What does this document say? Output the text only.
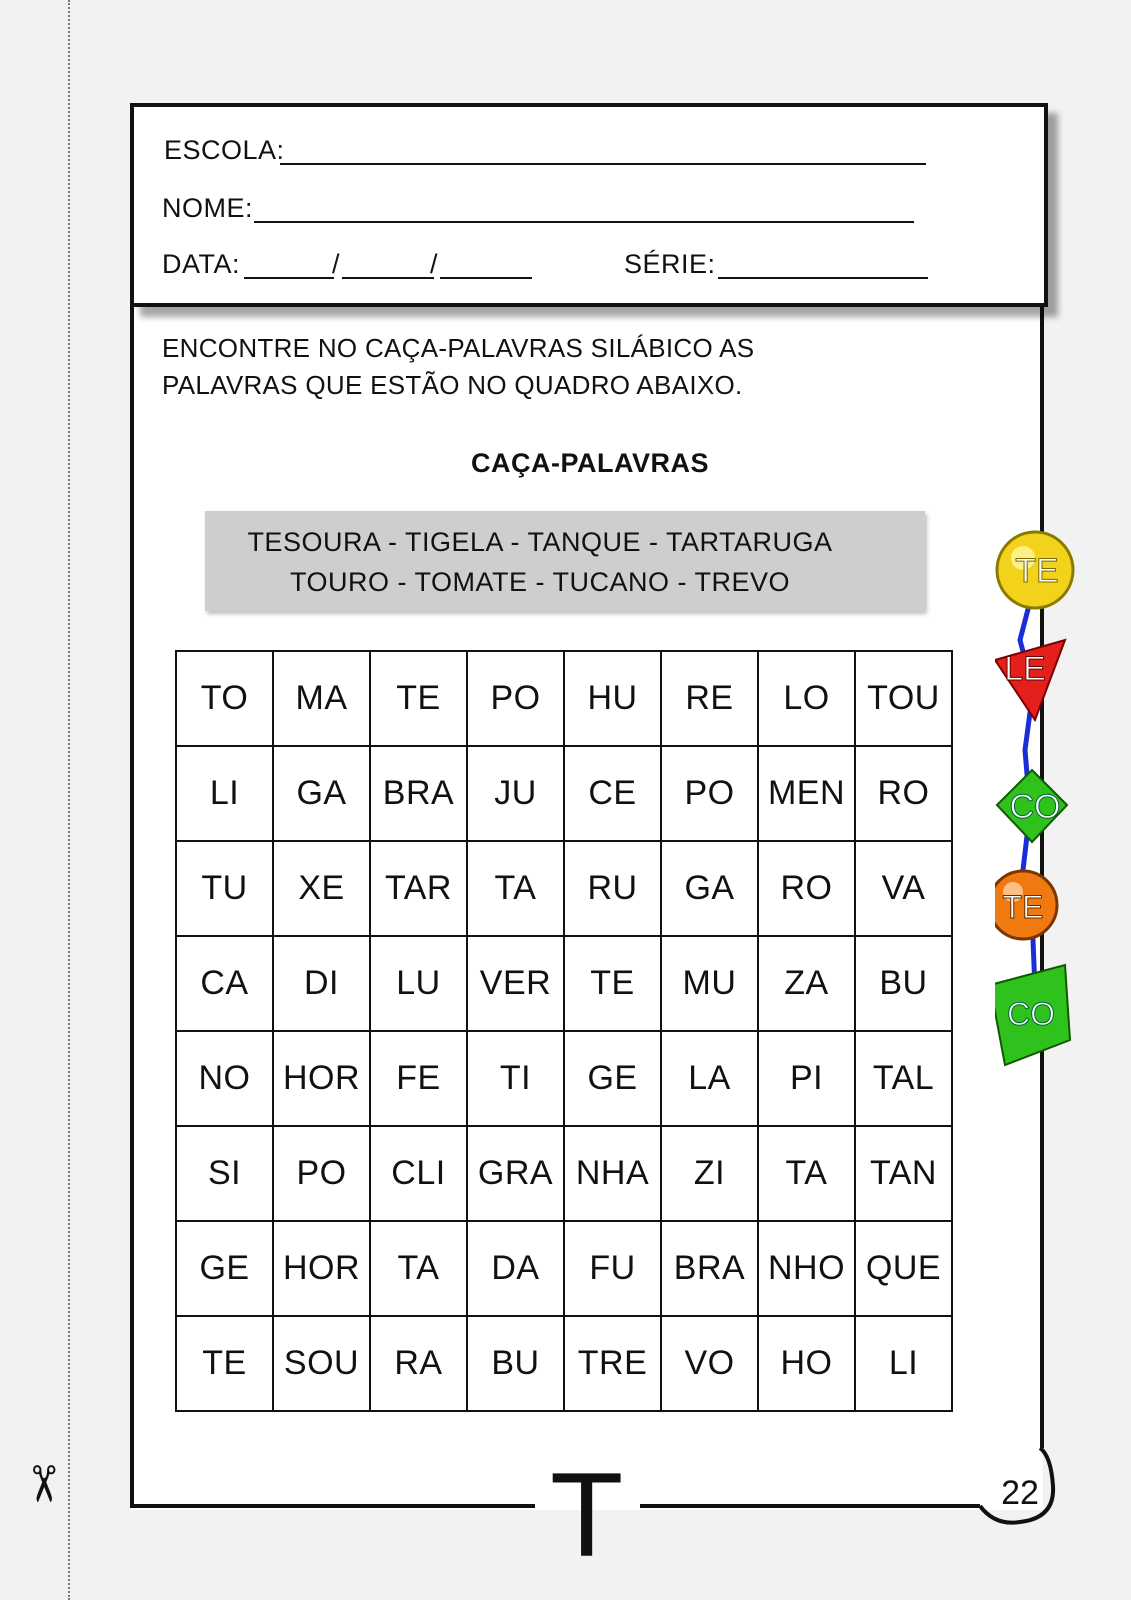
✂
ESCOLA:
NOME:
DATA:	/	/	SÉRIE:
ENCONTRE NO CAÇA-PALAVRAS SILÁBICO AS
PALAVRAS QUE ESTÃO NO QUADRO ABAIXO.
CAÇA-PALAVRAS
TESOURA - TIGELA - TANQUE - TARTARUGA
TOURO - TOMATE - TUCANO - TREVO
TO	MA	TE	PO	HU	RE	LO	TOU
LI	GA	BRA	JU	CE	PO	MEN	RO
TU	XE	TAR	TA	RU	GA	RO	VA
CA	DI	LU	VER	TE	MU	ZA	BU
NO	HOR	FE	TI	GE	LA	PI	TAL
SI	PO	CLI	GRA	NHA	ZI	TA	TAN
GE	HOR	TA	DA	FU	BRA	NHO	QUE
TE	SOU	RA	BU	TRE	VO	HO	LI
TE
LE
CO
TE
CO
T	22
